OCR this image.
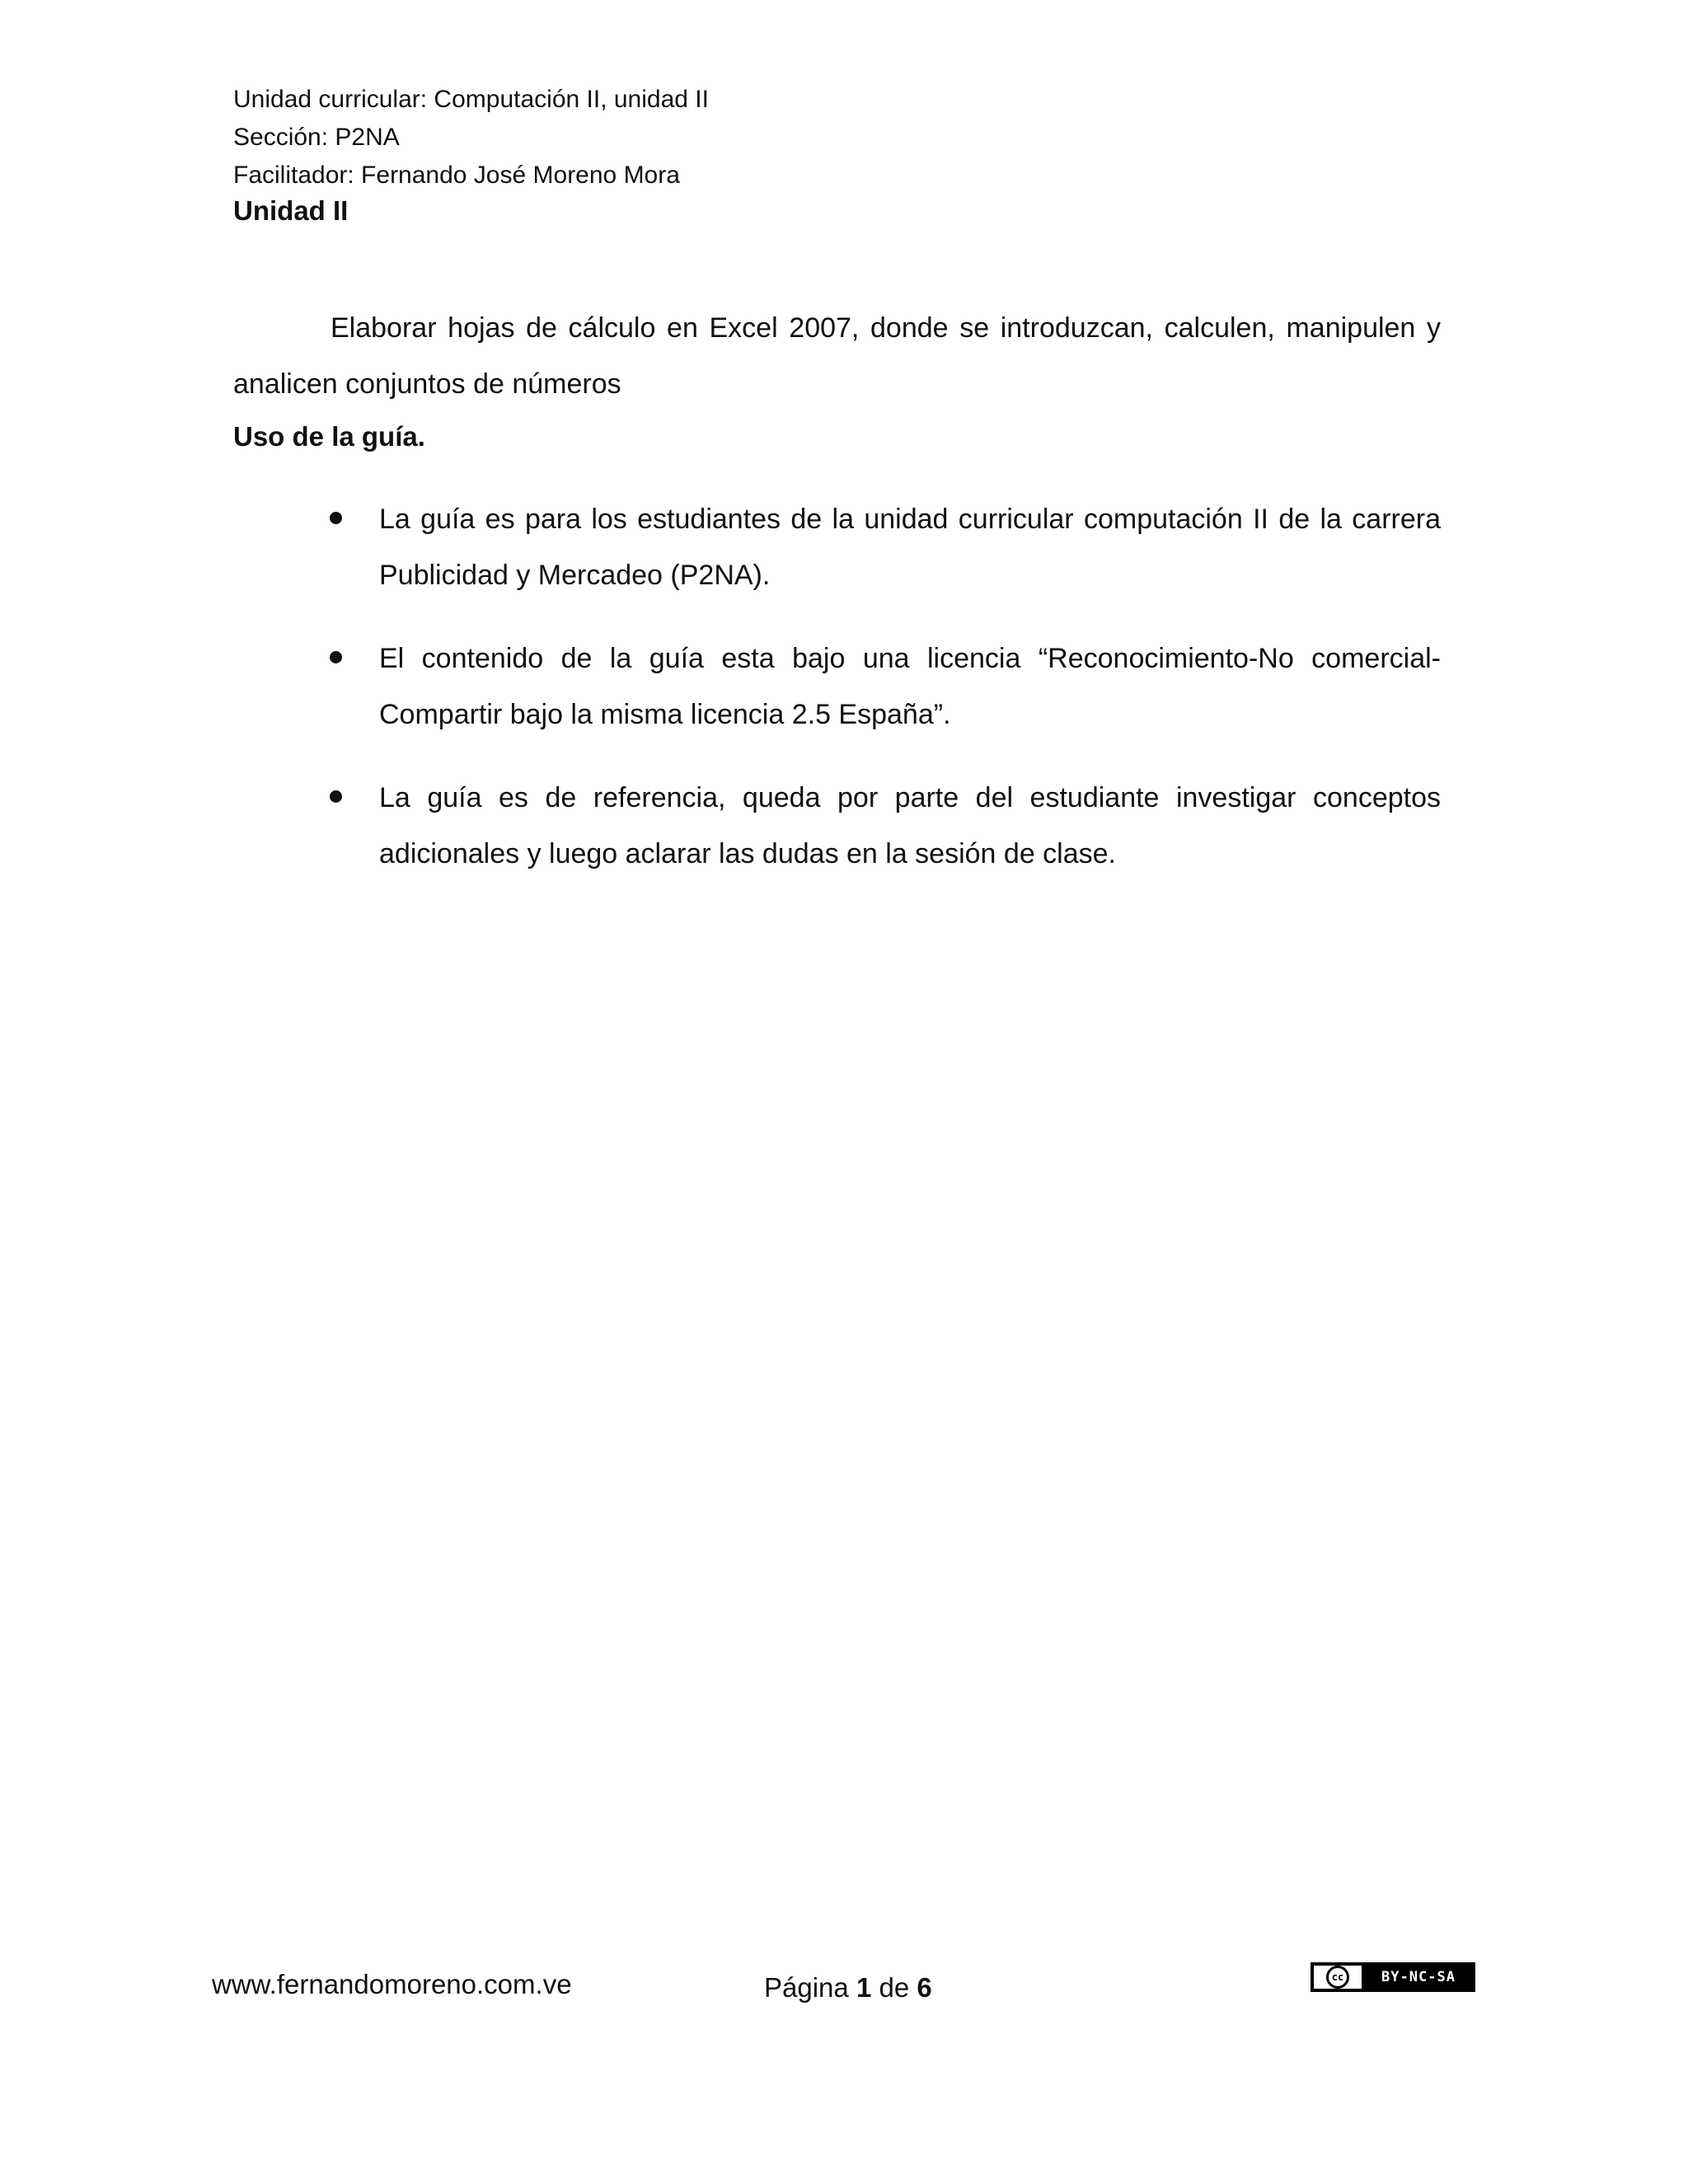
Unidad curricular: Computación II, unidad II
Sección: P2NA
Facilitador: Fernando José Moreno Mora
Unidad II

Elaborar hojas de cálculo en Excel 2007, donde se introduzcan, calculen, manipulen y analicen conjuntos de números

Uso de la guía.
La guía es para los estudiantes de la unidad curricular computación II de la carrera Publicidad y Mercadeo (P2NA).
El contenido de la guía esta bajo una licencia “Reconocimiento-No comercial-Compartir bajo la misma licencia 2.5 España”.
La guía es de referencia, queda por parte del estudiante investigar conceptos adicionales y luego aclarar las dudas en la sesión de clase.
www.fernandomoreno.com.ve	Página 1 de 6	cc	BY-NC-SA
